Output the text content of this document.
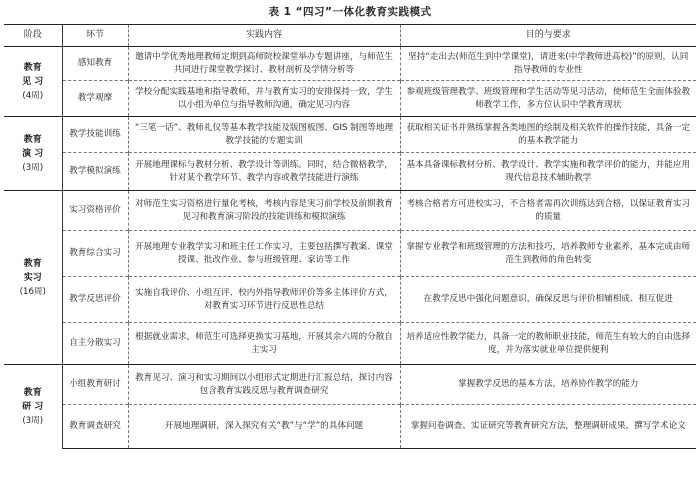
表 1 “四习”一体化教育实践模式
阶段	环节	实践内容	目的与要求

教育
见 习
(4周)	感知教育	邀请中学优秀地理教师定期到高师院校课堂举办专题讲座，与师范生共同进行课堂教学探讨、教材剖析及学情分析等	坚持“走出去(师范生到中学课堂)，请进来(中学教师进高校)”的原则，认同指导教师的专业性
	教学观摩	学校分配实践基地和指导教师，并与教育实习的安排保持一致，学生以小组为单位与指导教师沟通，确定见习内容	参观班级管理教学、班级管理和学生活动等见习活动，使师范生全面体验教师教学工作，多方位认识中学教育现状

教育
演 习
(3周)	教学技能训练	“三笔一话”、教师礼仪等基本教学技能及版图板图、GIS 制图等地理教学技能的专题实训	获取相关证书并熟练掌握各类地图的绘制及相关软件的操作技能，具备一定的基本教学能力
	教学模拟演练	开展地理课标与教材分析、教学设计等训练。同时，结合微格教学，针对某个教学环节、教学内容或教学技能进行演练	基本具备课标教材分析、教学设计、教学实施和教学评价的能力，并能应用现代信息技术辅助教学

教育
实习
(16周)	实习资格评价	对师范生实习资格进行量化考核，考核内容是実习前学校及前期教育见习和教育演习阶段的技能训练和模拟演练	考核合格者方可进校实习，不合格者需再次训练达到合格，以保证教育实习的质量
	教育综合实习	开展地理专业教学实习和班主任工作实习，主要包括撰写教案、课堂授课、批改作业、参与班级管理、家访等工作	掌握专业教学和班级管理的方法和技巧，培养教师专业素养，基本完成由师范生到教师的角色转变
	教学反思评价	实施自我评价、小组互评、校内外指导教师评价等多主体评价方式，对教育实习环节进行反思性总结	在教学反思中强化问题意识，确保反思与评价相辅相成、相互促进
	自主分散实习	根据就业需求，师范生可选择更换实习基地，开展其余六周的分散自主实习	培养适应性教学能力，具备一定的教师职业技能，师范生有较大的自由选择度，并为落实就业单位提供便利

教育
研 习
(3周)	小组教育研讨	教育见习、演习和实习期间以小组形式定期进行汇报总结，探讨内容包含教育实践反思与教育调查研究	掌握教学反思的基本方法，培养协作教学的能力
	教育调查研究	开展地理调研，深入探究有关“教”与“学”的具体问题	掌握问卷调查、实证研究等教育研究方法，整理调研成果，撰写学术论文
